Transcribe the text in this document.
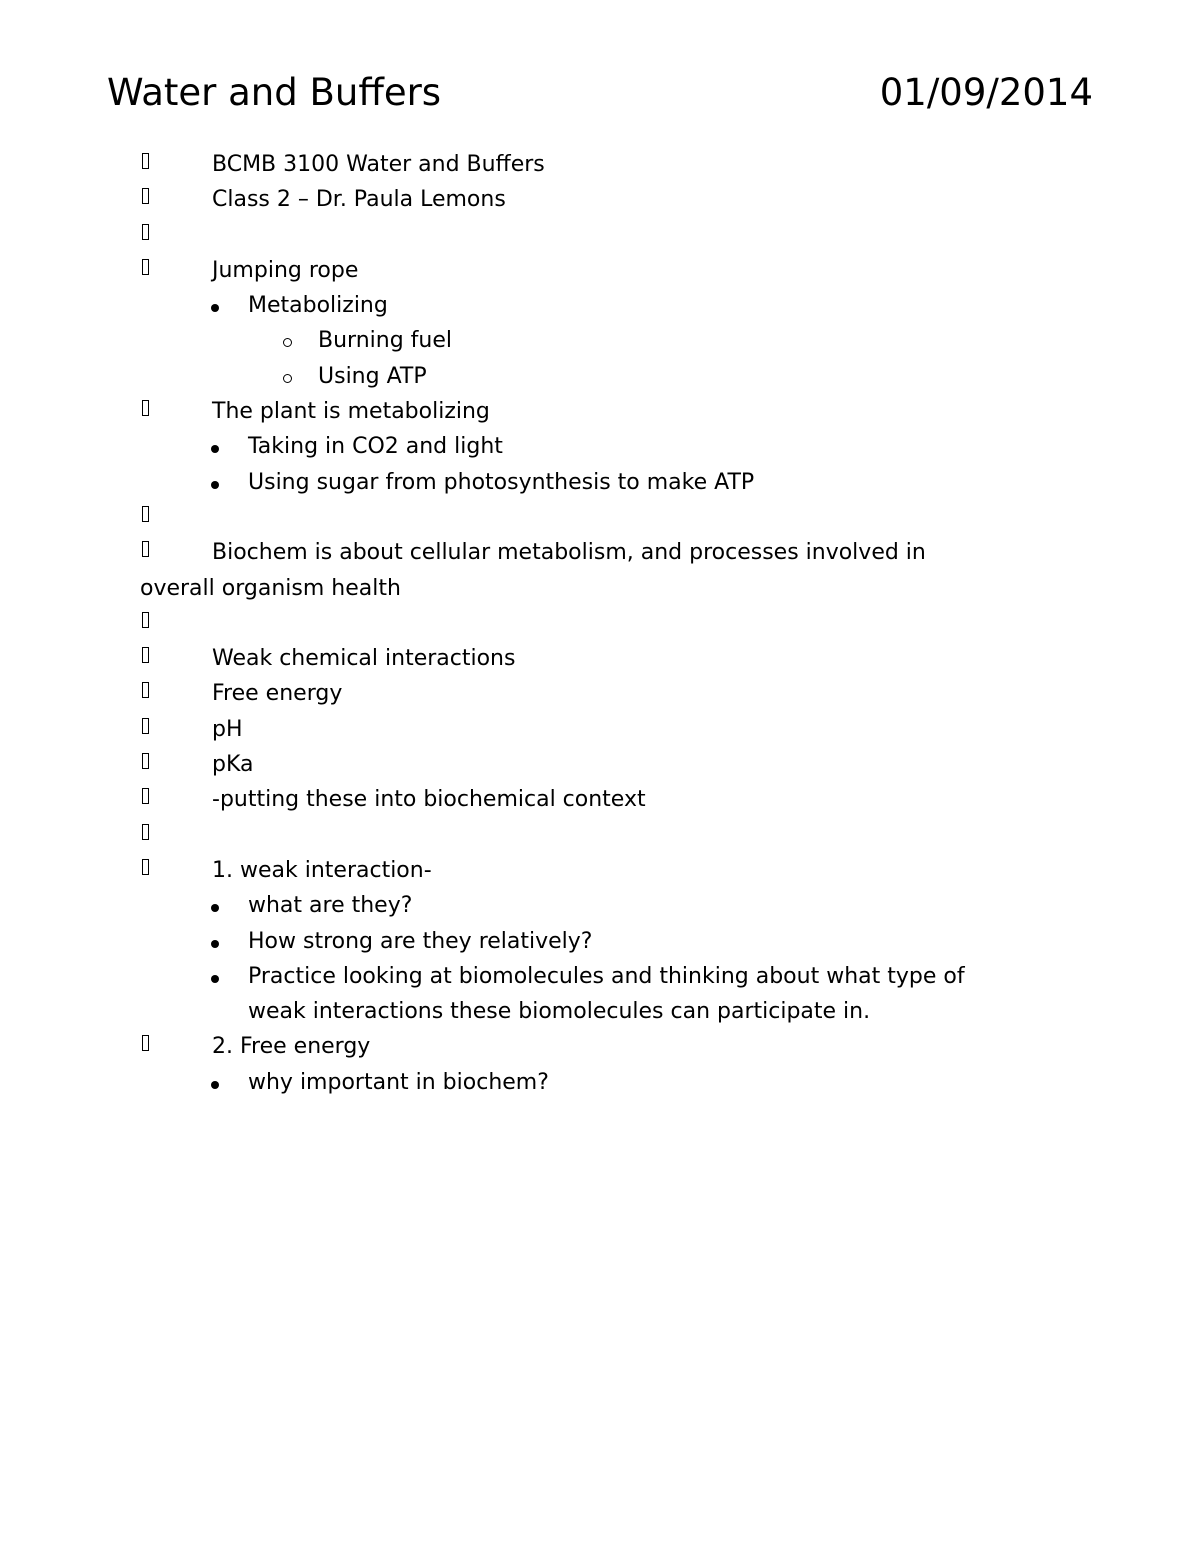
Water and Buffers	01/09/2014
BCMB 3100 Water and Buffers
Class 2 – Dr. Paula Lemons
Jumping rope
Metabolizing
Burning fuel
Using ATP
The plant is metabolizing
Taking in CO2 and light
Using sugar from photosynthesis to make ATP
Biochem is about cellular metabolism, and processes involved in
overall organism health
Weak chemical interactions
Free energy
pH
pKa
-putting these into biochemical context
1. weak interaction-
what are they?
How strong are they relatively?
Practice looking at biomolecules and thinking about what type of
weak interactions these biomolecules can participate in.
2. Free energy
why important in biochem?
